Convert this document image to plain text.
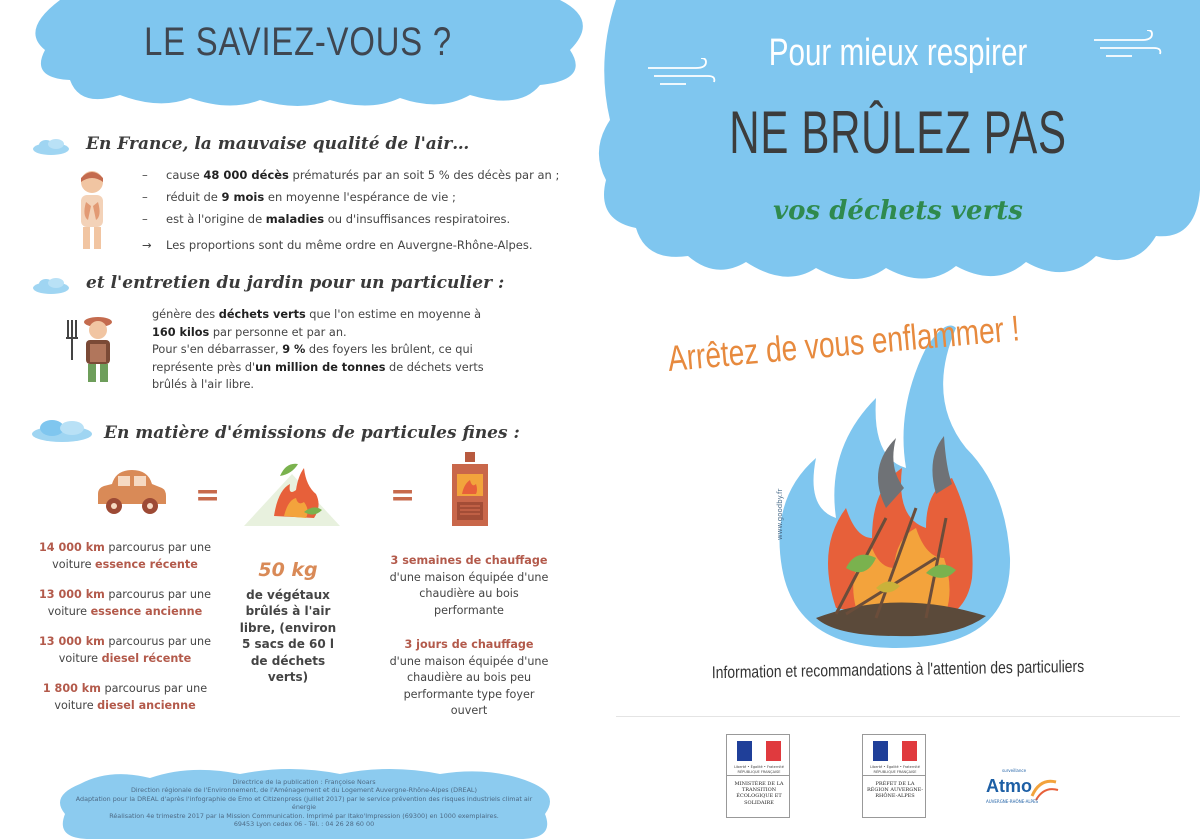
LE SAVIEZ-VOUS ?
En France, la mauvaise qualité de l'air…
– cause 48 000 décès prématurés par an soit 5 % des décès par an ;
– réduit de 9 mois en moyenne l'espérance de vie ;
– est à l'origine de maladies ou d'insuffisances respiratoires.
→ Les proportions sont du même ordre en Auvergne-Rhône-Alpes.
et l'entretien du jardin pour un particulier :

génère des déchets verts que l'on estime en moyenne à 160 kilos par personne et par an.

Pour s'en débarrasser, 9 % des foyers les brûlent, ce qui représente près d'un million de tonnes de déchets verts brûlés à l'air libre.

En matière d'émissions de particules fines :
=	=
14 000 km parcourus par une voiture essence récente
13 000 km parcourus par une voiture essence ancienne
13 000 km parcourus par une voiture diesel récente
1 800 km parcourus par une voiture diesel ancienne
50 kg
de végétaux brûlés à l'air libre, (environ 5 sacs de 60 l de déchets verts)
3 semaines de chauffage
d'une maison équipée d'une chaudière au bois performante
3 jours de chauffage
d'une maison équipée d'une chaudière au bois peu performante type foyer ouvert
Directrice de la publication : Françoise Noars
Direction régionale de l'Environnement, de l'Aménagement et du Logement Auvergne-Rhône-Alpes (DREAL)
Adaptation pour la DREAL d'après l'infographie de Emo et Citizenpress (juillet 2017) par le service prévention des risques industriels climat air énergie
Réalisation 4e trimestre 2017 par la Mission Communication. Imprimé par Itako'Impression (69300) en 1000 exemplaires.
69453 Lyon cedex 06 - Tél. : 04 26 28 60 00
Pour mieux respirer
NE BRÛLEZ PAS
vos déchets verts
www.goodby.fr
Arrêtez de vous enflammer !
Information et recommandations à l'attention des particuliers
Liberté • Égalité • Fraternité
RÉPUBLIQUE FRANÇAISE
MINISTÈRE DE LA TRANSITION ÉCOLOGIQUE ET SOLIDAIRE
Liberté • Égalité • Fraternité
RÉPUBLIQUE FRANÇAISE
PRÉFET DE LA RÉGION AUVERGNE-RHÔNE-ALPES
surveillance
Atmo
AUVERGNE-RHÔNE-ALPES
